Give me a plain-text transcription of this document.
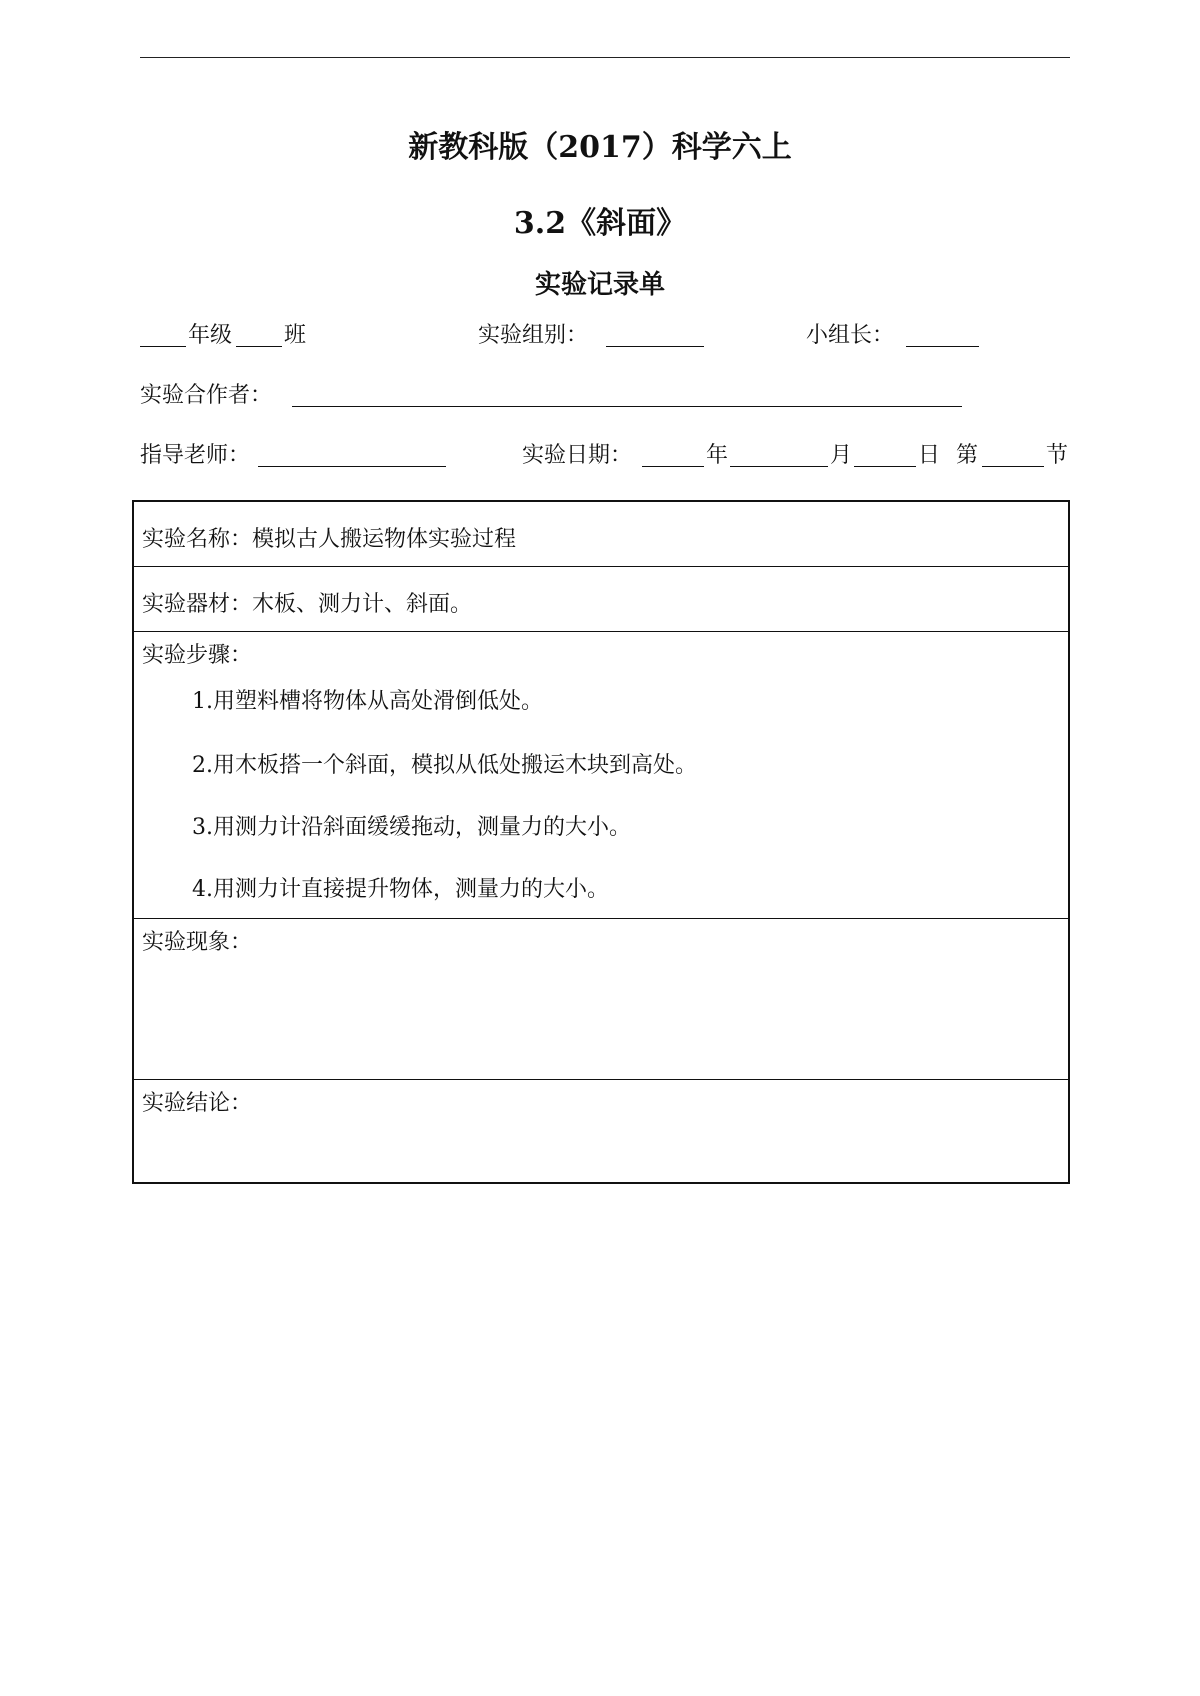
新教科版（2017）科学六上
3.2《斜面》
实验记录单
年级 班	实验组别：	小组长：
实验合作者：
指导老师：	实验日期：	年	月	日 第	节
实验名称：模拟古人搬运物体实验过程
实验器材：木板、测力计、斜面。
实验步骤：
1.用塑料槽将物体从高处滑倒低处。
2.用木板搭一个斜面，模拟从低处搬运木块到高处。
3.用测力计沿斜面缓缓拖动，测量力的大小。
4.用测力计直接提升物体，测量力的大小。
实验现象：
实验结论：
